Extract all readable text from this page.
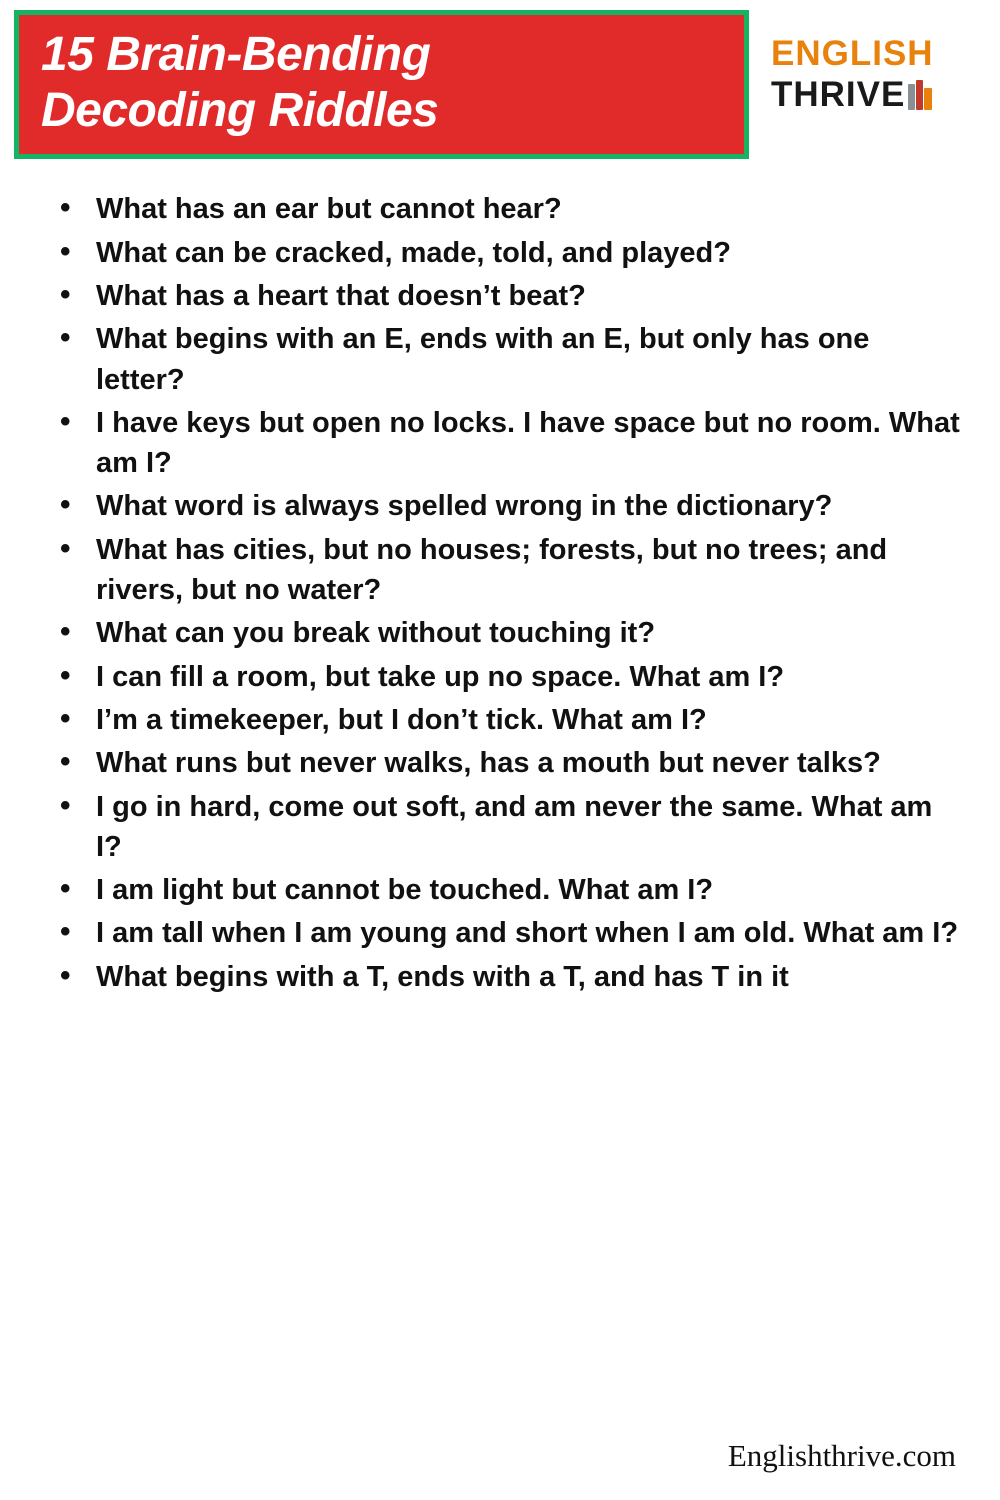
15 Brain-Bending
Decoding Riddles
ENGLISH
THRIVE
• What has an ear but cannot hear?
• What can be cracked, made, told, and played?
• What has a heart that doesn’t beat?
• What begins with an E, ends with an E, but only has one letter?
• I have keys but open no locks. I have space but no room. What am I?
• What word is always spelled wrong in the dictionary?
• What has cities, but no houses; forests, but no trees; and rivers, but no water?
• What can you break without touching it?
• I can fill a room, but take up no space. What am I?
• I’m a timekeeper, but I don’t tick. What am I?
• What runs but never walks, has a mouth but never talks?
• I go in hard, come out soft, and am never the same. What am I?
• I am light but cannot be touched. What am I?
• I am tall when I am young and short when I am old. What am I?
• What begins with a T, ends with a T, and has T in it
Englishthrive.com
